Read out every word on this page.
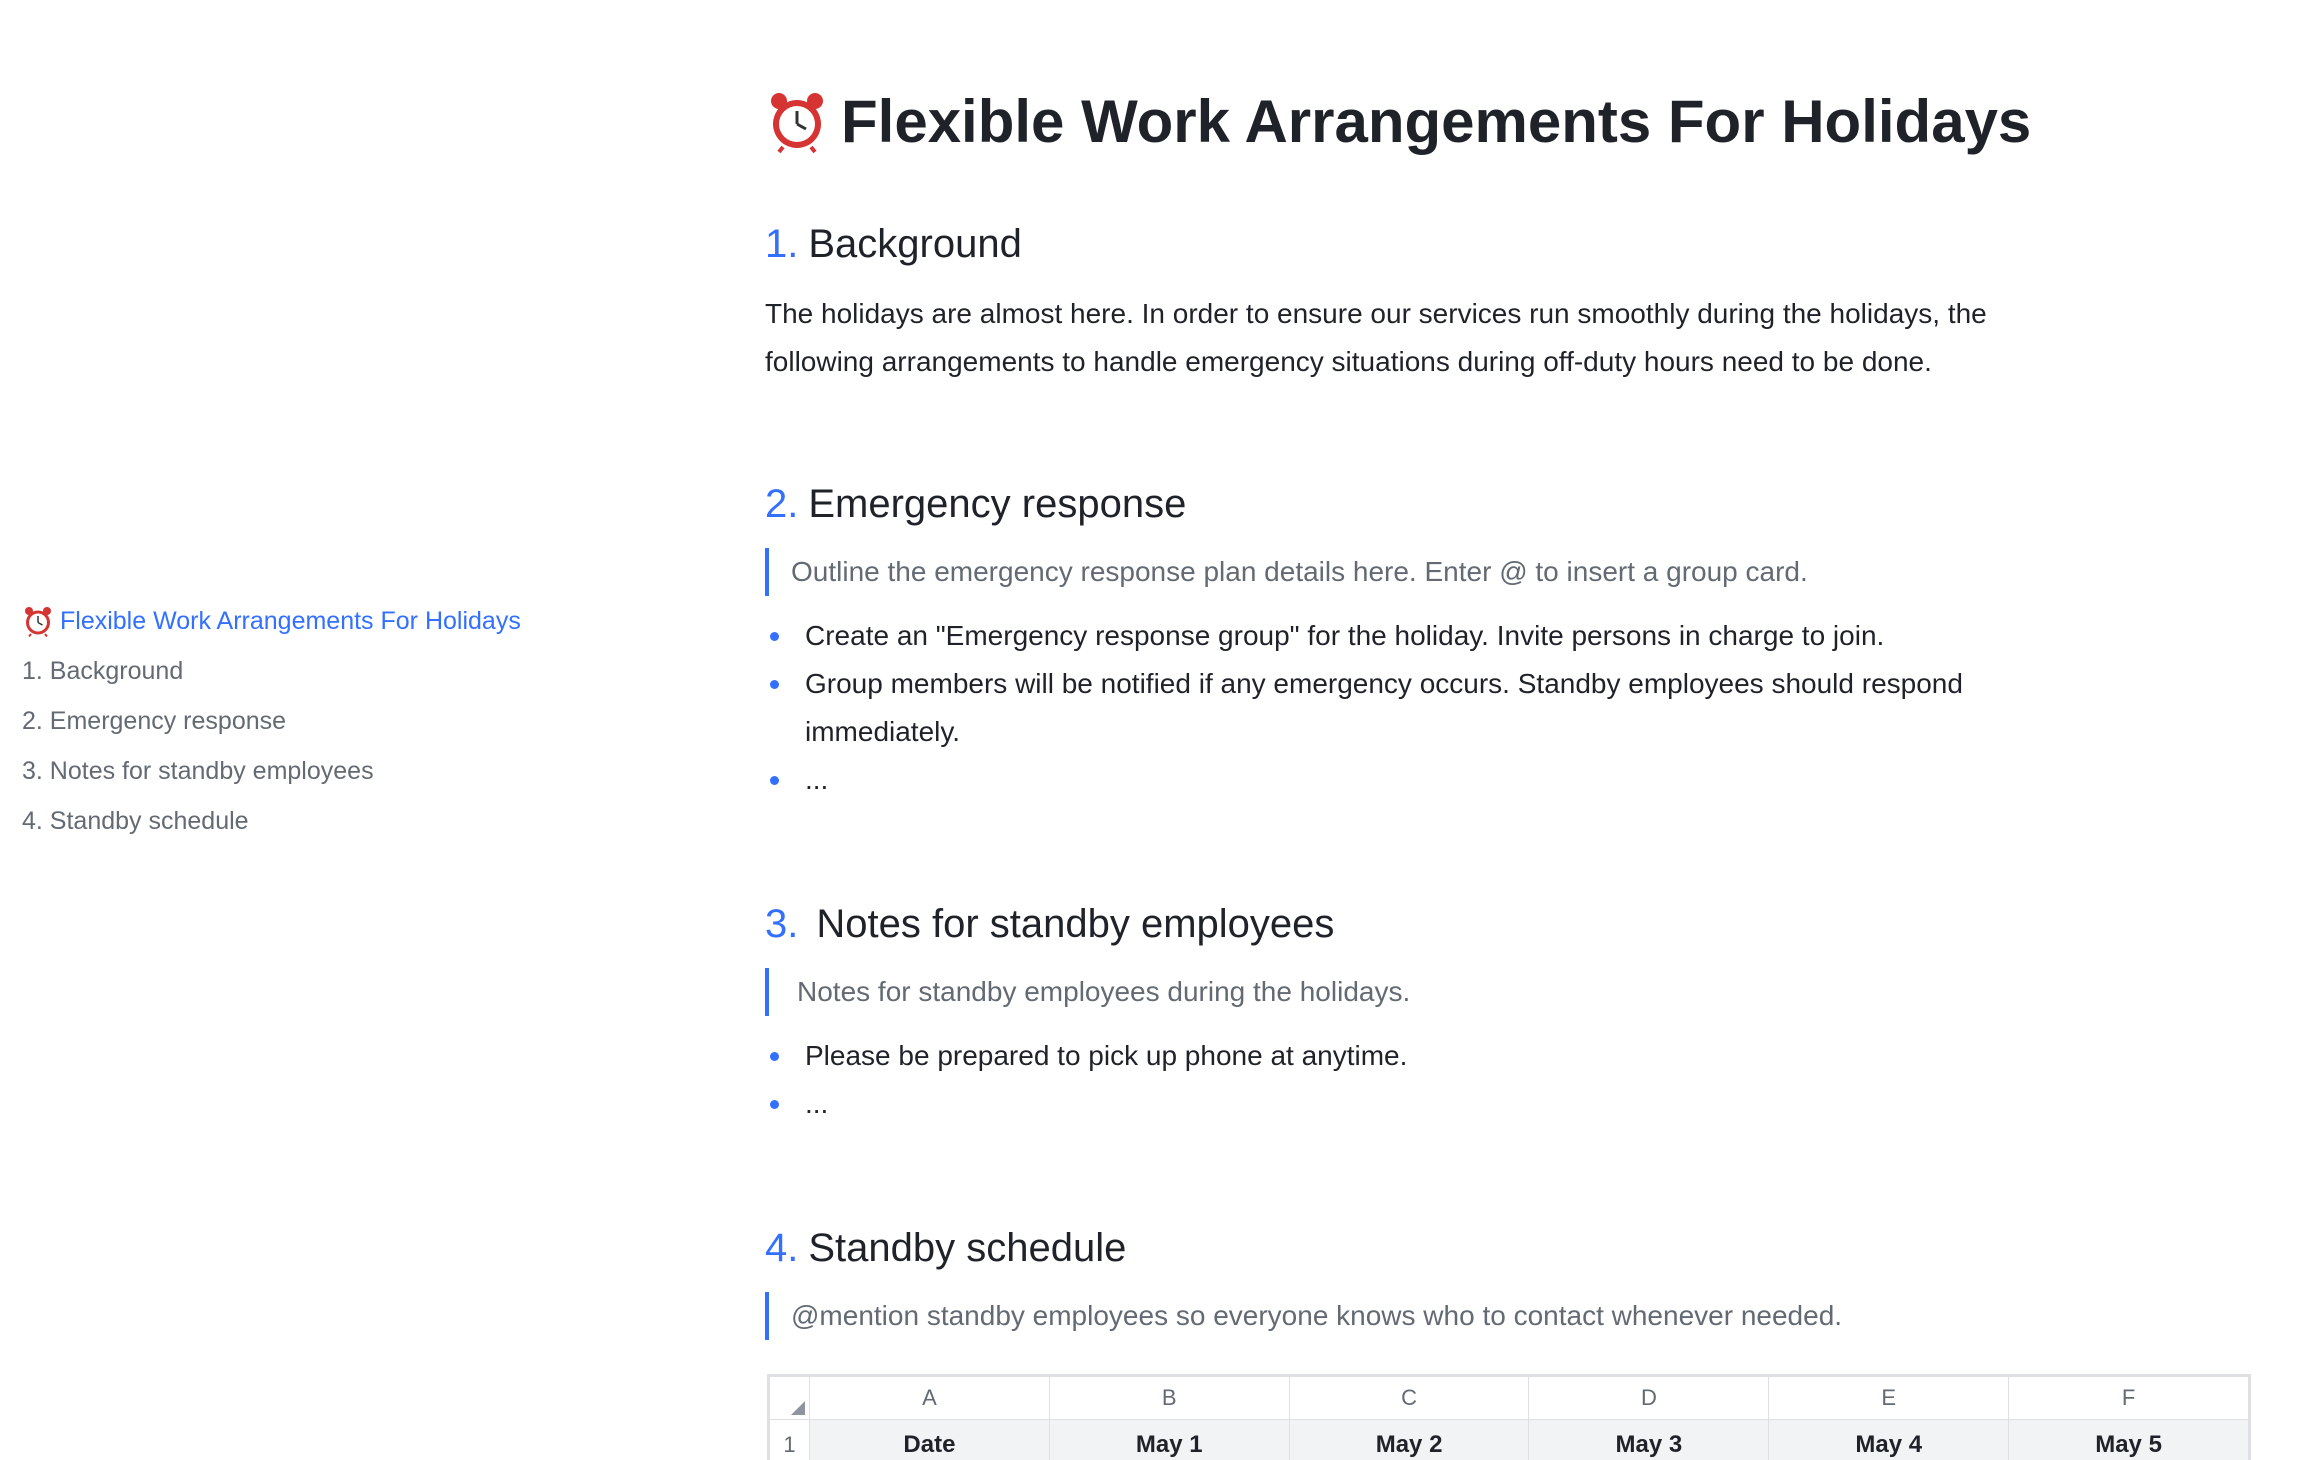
Flexible Work Arrangements For Holidays
1. Background
2. Emergency response
3. Notes for standby employees
4. Standby schedule
Flexible Work Arrangements For Holidays
1. Background
The holidays are almost here. In order to ensure our services run smoothly during the holidays, the following arrangements to handle emergency situations during off-duty hours need to be done.
2. Emergency response
Outline the emergency response plan details here. Enter @ to insert a group card.
Create an "Emergency response group" for the holiday. Invite persons in charge to join.
Group members will be notified if any emergency occurs. Standby employees should respond immediately.
...
3. Notes for standby employees
Notes for standby employees during the holidays.
Please be prepared to pick up phone at anytime.
...
4. Standby schedule
@mention standby employees so everyone knows who to contact whenever needed.
	A	B	C	D	E	F
1	Date	May 1	May 2	May 3	May 4	May 5
